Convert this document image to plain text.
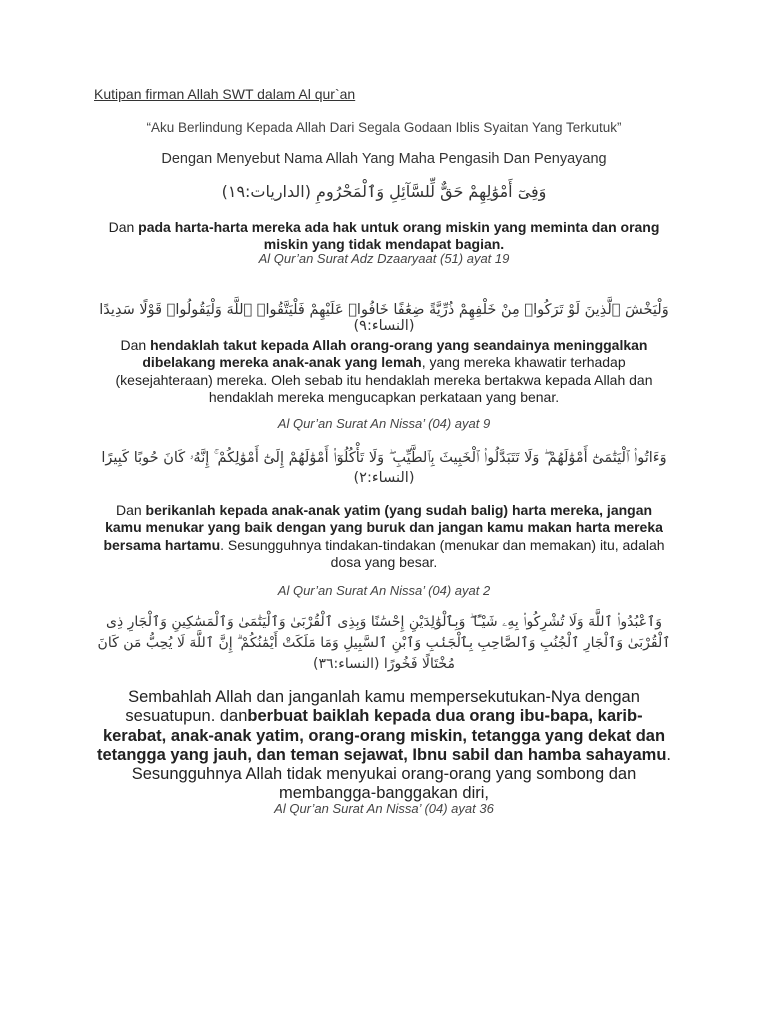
Kutipan firman Allah SWT dalam Al qur`an
“Aku Berlindung Kepada Allah Dari Segala Godaan Iblis Syaitan Yang Terkutuk”
Dengan Menyebut Nama Allah Yang Maha Pengasih Dan Penyayang
وَفِىٓ أَمْوَٰلِهِمْ حَقٌّ لِّلسَّآئِلِ وَٱلْمَحْرُومِ (الداريات:١٩)
Dan pada harta-harta mereka ada hak untuk orang miskin yang meminta dan orang miskin yang tidak mendapat bagian.
Al Qur’an Surat Adz Dzaaryaat (51) ayat 19
وَلْيَخْشَ ٱلَّذِينَ لَوْ تَرَكُوا۟ مِنْ خَلْفِهِمْ ذُرِّيَّةً ضِعَٰفًا خَافُوا۟ عَلَيْهِمْ فَلْيَتَّقُوا۟ ٱللَّهَ وَلْيَقُولُوا۟ قَوْلًا سَدِيدًا (النساء:٩)
Dan hendaklah takut kepada Allah orang-orang yang seandainya meninggalkan dibelakang mereka anak-anak yang lemah, yang mereka khawatir terhadap (kesejahteraan) mereka. Oleh sebab itu hendaklah mereka bertakwa kepada Allah dan hendaklah mereka mengucapkan perkataan yang benar.
Al Qur’an Surat An Nissa’ (04) ayat 9
وَءَاتُوا۟ ٱلْيَتَٰمَىٰٓ أَمْوَٰلَهُمْ ۖ وَلَا تَتَبَدَّلُوا۟ ٱلْخَبِيثَ بِٱلطَّيِّبِ ۖ وَلَا تَأْكُلُوٓا۟ أَمْوَٰلَهُمْ إِلَىٰٓ أَمْوَٰلِكُمْ ۚ إِنَّهُۥ كَانَ حُوبًا كَبِيرًا (النساء:٢)
Dan berikanlah kepada anak-anak yatim (yang sudah balig) harta mereka, jangan kamu menukar yang baik dengan yang buruk dan jangan kamu makan harta mereka bersama hartamu. Sesungguhnya tindakan-tindakan (menukar dan memakan) itu, adalah dosa yang besar.
Al Qur’an Surat An Nissa’ (04) ayat 2
وَٱعْبُدُوا۟ ٱللَّهَ وَلَا تُشْرِكُوا۟ بِهِۦ شَيْـًٔا ۖ وَبِٱلْوَٰلِدَيْنِ إِحْسَٰنًا وَبِذِى ٱلْقُرْبَىٰ وَٱلْيَتَٰمَىٰ وَٱلْمَسَٰكِينِ وَٱلْجَارِ ذِى ٱلْقُرْبَىٰ وَٱلْجَارِ ٱلْجُنُبِ وَٱلصَّاحِبِ بِٱلْجَنۢبِ وَٱبْنِ ٱلسَّبِيلِ وَمَا مَلَكَتْ أَيْمَٰنُكُمْ ۗ إِنَّ ٱللَّهَ لَا يُحِبُّ مَن كَانَ مُخْتَالًا فَخُورًا (النساء:٣٦)
Sembahlah Allah dan janganlah kamu mempersekutukan-Nya dengan sesuatupun. danberbuat baiklah kepada dua orang ibu-bapa, karib-kerabat, anak-anak yatim, orang-orang miskin, tetangga yang dekat dan tetangga yang jauh, dan teman sejawat, Ibnu sabil dan hamba sahayamu. Sesungguhnya Allah tidak menyukai orang-orang yang sombong dan membangga-banggakan diri,
Al Qur’an Surat An Nissa’ (04) ayat 36
